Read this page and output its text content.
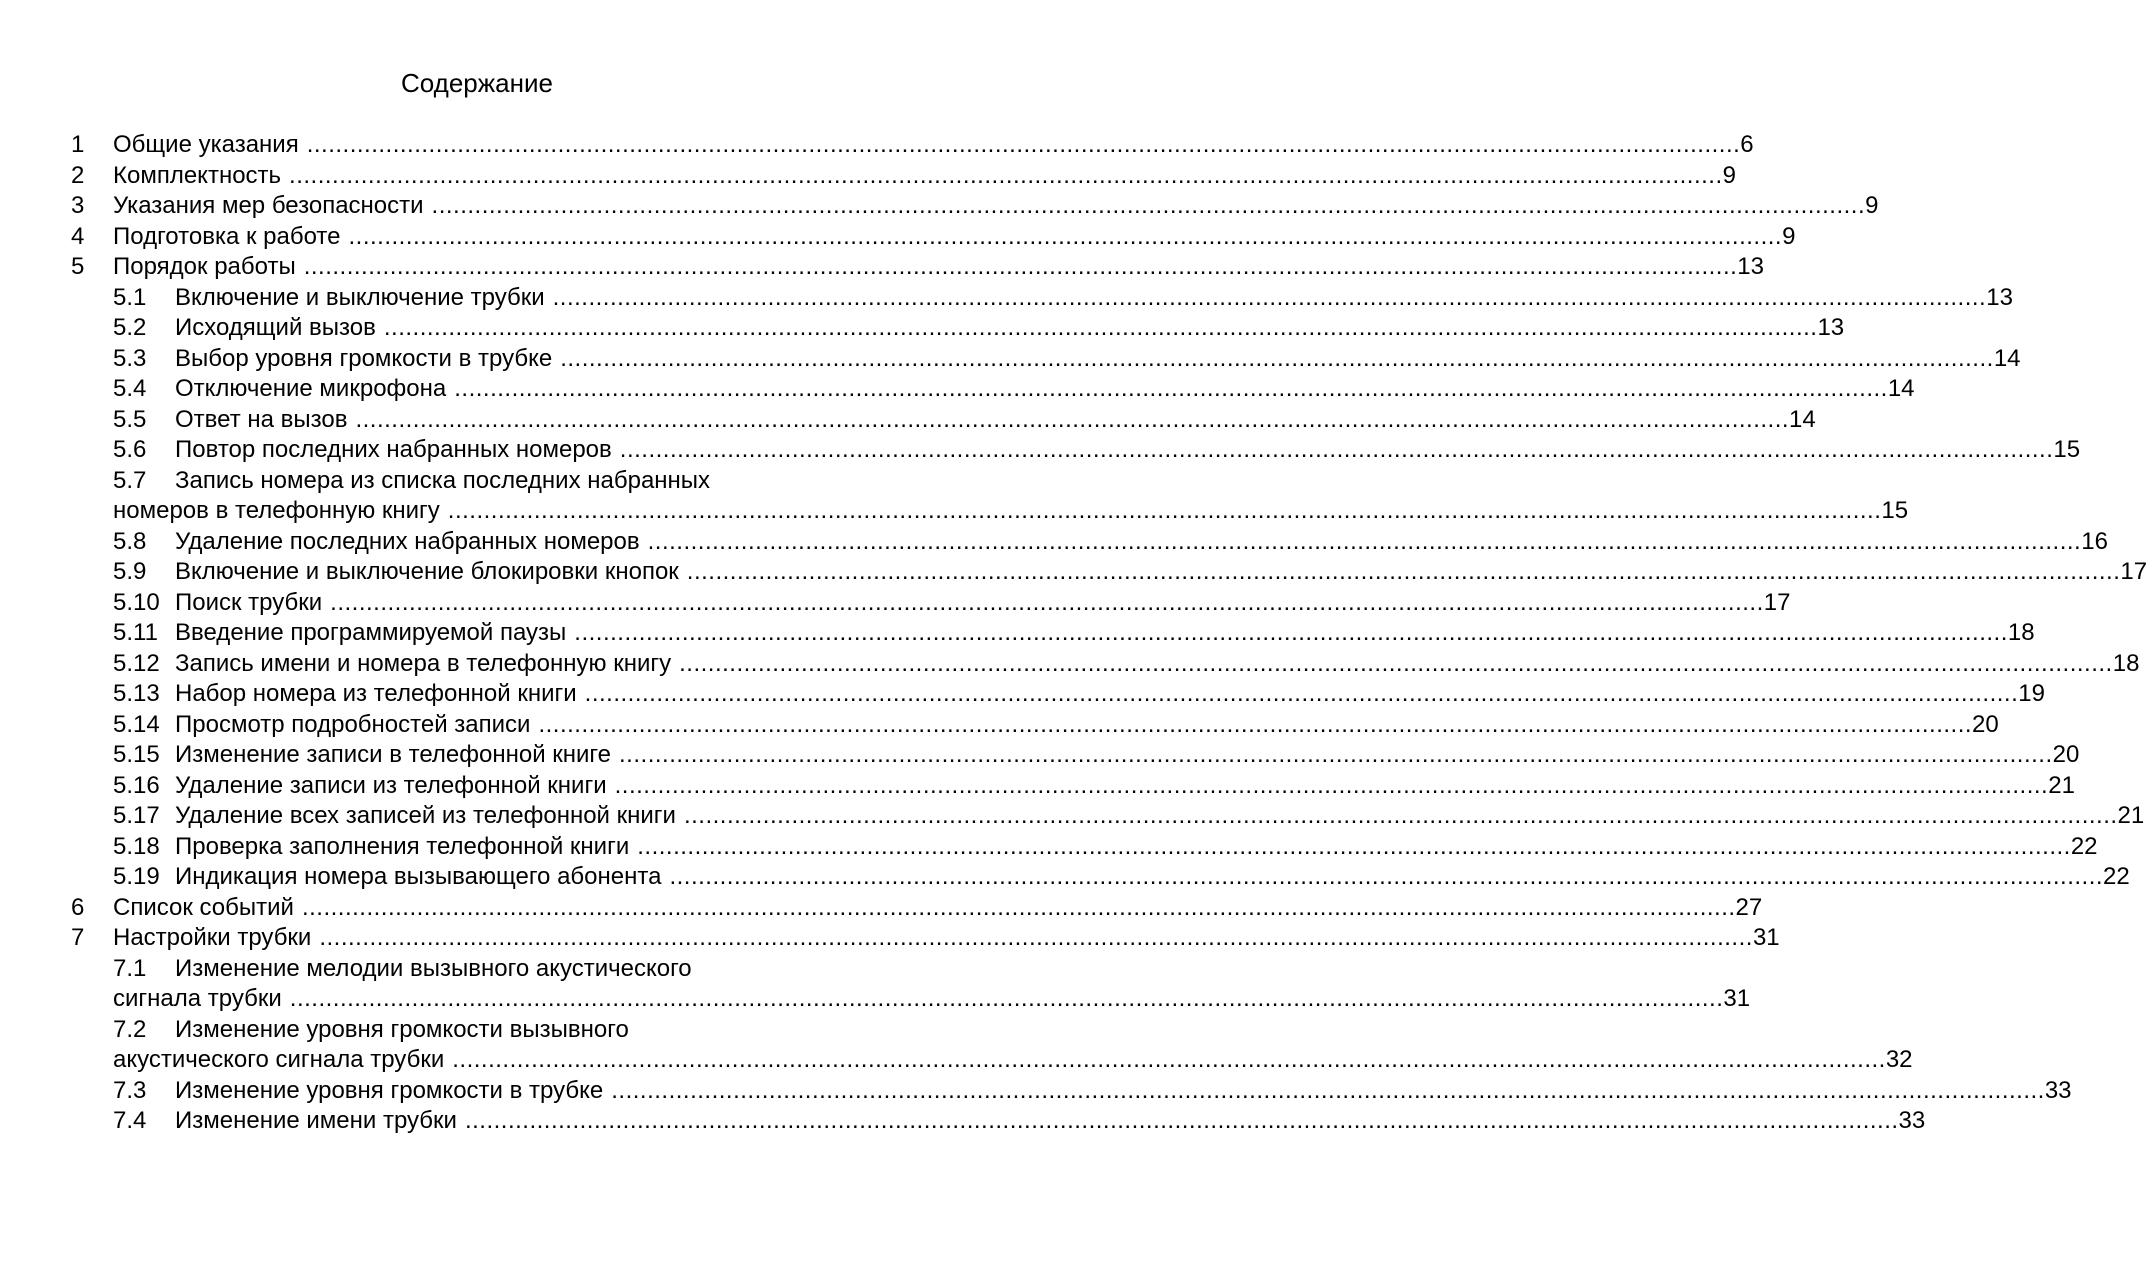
Содержание
1 Общие указания ........................................................................................................................................................................................................ 6
2 Комплектность ........................................................................................................................................................................................................ 9
3 Указания мер безопасности ........................................................................................................................................................................................................ 9
4 Подготовка к работе ........................................................................................................................................................................................................ 9
5 Порядок работы ........................................................................................................................................................................................................ 13
5.1 Включение и выключение трубки ........................................................................................................................................................................................................ 13
5.2 Исходящий вызов ........................................................................................................................................................................................................ 13
5.3 Выбор уровня громкости в трубке ........................................................................................................................................................................................................ 14
5.4 Отключение микрофона ........................................................................................................................................................................................................ 14
5.5 Ответ на вызов ........................................................................................................................................................................................................ 14
5.6 Повтор последних набранных номеров ........................................................................................................................................................................................................ 15
5.7 Запись номера из списка последних набранных
номеров в телефонную книгу ........................................................................................................................................................................................................ 15
5.8 Удаление последних набранных номеров ........................................................................................................................................................................................................ 16
5.9 Включение и выключение блокировки кнопок ........................................................................................................................................................................................................ 17
5.10 Поиск трубки ........................................................................................................................................................................................................ 17
5.11 Введение программируемой паузы ........................................................................................................................................................................................................ 18
5.12 Запись имени и номера в телефонную книгу ........................................................................................................................................................................................................ 18
5.13 Набор номера из телефонной книги ........................................................................................................................................................................................................ 19
5.14 Просмотр подробностей записи ........................................................................................................................................................................................................ 20
5.15 Изменение записи в телефонной книге ........................................................................................................................................................................................................ 20
5.16 Удаление записи из телефонной книги ........................................................................................................................................................................................................ 21
5.17 Удаление всех записей из телефонной книги ........................................................................................................................................................................................................ 21
5.18 Проверка заполнения телефонной книги ........................................................................................................................................................................................................ 22
5.19 Индикация номера вызывающего абонента ........................................................................................................................................................................................................ 22
6 Список событий ........................................................................................................................................................................................................ 27
7 Настройки трубки ........................................................................................................................................................................................................ 31
7.1 Изменение мелодии вызывного акустического
сигнала трубки ........................................................................................................................................................................................................ 31
7.2 Изменение уровня громкости вызывного
акустического сигнала трубки ........................................................................................................................................................................................................ 32
7.3 Изменение уровня громкости в трубке ........................................................................................................................................................................................................ 33
7.4 Изменение имени трубки ........................................................................................................................................................................................................ 33
